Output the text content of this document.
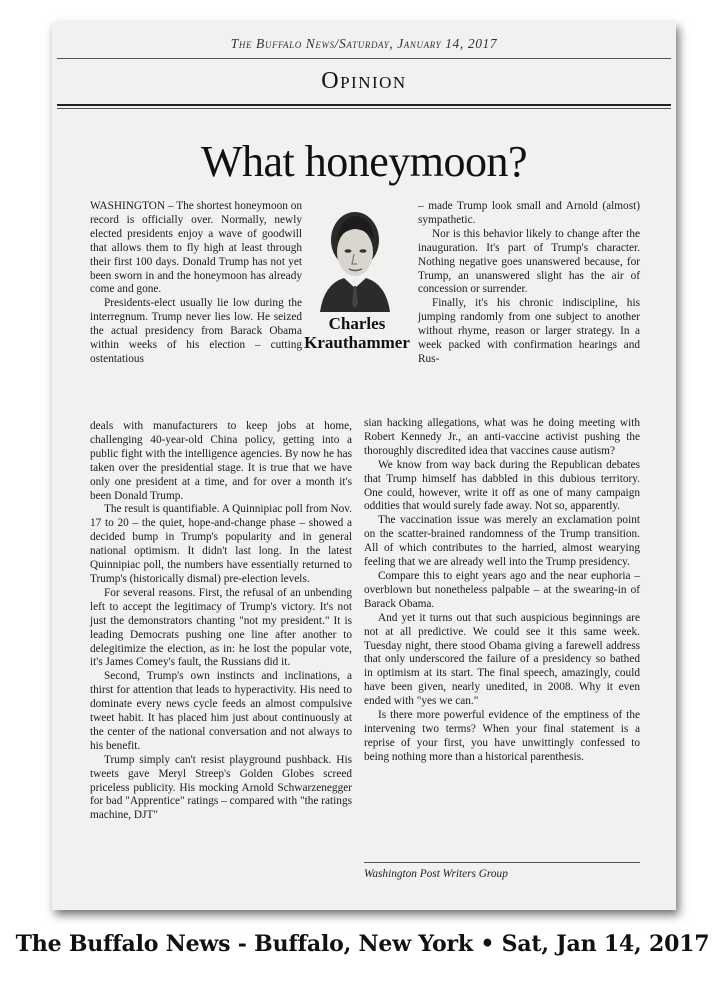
The Buffalo News/Saturday, January 14, 2017
Opinion
What honeymoon?

WASHINGTON – The shortest honeymoon on record is officially over. Normally, newly elected presidents enjoy a wave of goodwill that allows them to fly high at least through their first 100 days. Donald Trump has not yet been sworn in and the honeymoon has already come and gone.

Presidents-elect usually lie low during the interregnum. Trump never lies low. He seized the actual presidency from Barack Obama within weeks of his election – cutting ostentatious

Charles
Krauthammer

– made Trump look small and Arnold (almost) sympathetic.

Nor is this behavior likely to change after the inauguration. It's part of Trump's character. Nothing negative goes unanswered because, for Trump, an unanswered slight has the air of concession or surrender.

Finally, it's his chronic indiscipline, his jumping randomly from one subject to another without rhyme, reason or larger strategy. In a week packed with confirmation hearings and Rus-

deals with manufacturers to keep jobs at home, challenging 40-year-old China policy, getting into a public fight with the intelligence agencies. By now he has taken over the presidential stage. It is true that we have only one president at a time, and for over a month it's been Donald Trump.

The result is quantifiable. A Quinnipiac poll from Nov. 17 to 20 – the quiet, hope-and-change phase – showed a decided bump in Trump's popularity and in general national optimism. It didn't last long. In the latest Quinnipiac poll, the numbers have essentially returned to Trump's (historically dismal) pre-election levels.

For several reasons. First, the refusal of an unbending left to accept the legitimacy of Trump's victory. It's not just the demonstrators chanting "not my president." It is leading Democrats pushing one line after another to delegitimize the election, as in: he lost the popular vote, it's James Comey's fault, the Russians did it.

Second, Trump's own instincts and inclinations, a thirst for attention that leads to hyperactivity. His need to dominate every news cycle feeds an almost compulsive tweet habit. It has placed him just about continuously at the center of the national conversation and not always to his benefit.

Trump simply can't resist playground pushback. His tweets gave Meryl Streep's Golden Globes screed priceless publicity. His mocking Arnold Schwarzenegger for bad "Apprentice" ratings – compared with "the ratings machine, DJT"

sian hacking allegations, what was he doing meeting with Robert Kennedy Jr., an anti-vaccine activist pushing the thoroughly discredited idea that vaccines cause autism?

We know from way back during the Republican debates that Trump himself has dabbled in this dubious territory. One could, however, write it off as one of many campaign oddities that would surely fade away. Not so, apparently.

The vaccination issue was merely an exclamation point on the scatter-brained randomness of the Trump transition. All of which contributes to the harried, almost wearying feeling that we are already well into the Trump presidency.

Compare this to eight years ago and the near euphoria – overblown but nonetheless palpable – at the swearing-in of Barack Obama.

And yet it turns out that such auspicious beginnings are not at all predictive. We could see it this same week. Tuesday night, there stood Obama giving a farewell address that only underscored the failure of a presidency so bathed in optimism at its start. The final speech, amazingly, could have been given, nearly unedited, in 2008. Why it even ended with "yes we can."

Is there more powerful evidence of the emptiness of the intervening two terms? When your final statement is a reprise of your first, you have unwittingly confessed to being nothing more than a historical parenthesis.

Washington Post Writers Group
The Buffalo News - Buffalo, New York • Sat, Jan 14, 2017
